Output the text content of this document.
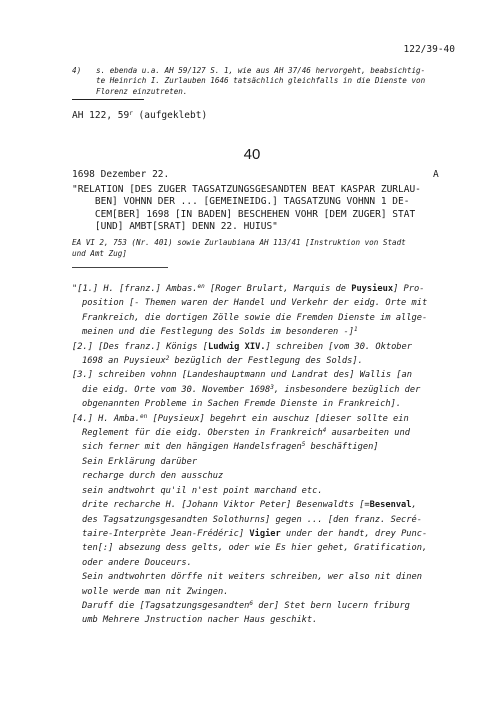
122/39-40
4) s. ebenda u.a. AH 59/127 S. 1, wie aus AH 37/46 hervorgeht, beabsichtig-
te Heinrich I. Zurlauben 1646 tatsächlich gleichfalls in die Dienste von
Florenz einzutreten.
AH 122, 59$^r$ (aufgeklebt)
40
1698 Dezember 22.	A
"RELATION [DES ZUGER TAGSATZUNGSGESANDTEN BEAT KASPAR ZURLAU-
BEN] VOHNN DER ... [GEMEINEIDG.] TAGSATZUNG VOHNN 1 DE-
CEM[BER] 1698 [IN BADEN] BESCHEHEN VOHR [DEM ZUGER] STAT
[UND] AMBT[SRAT] DENN 22. HUIUS"
EA VI 2, 753 (Nr. 401) sowie Zurlaubiana AH 113/41 [Instruktion von Stadt
und Amt Zug]
"[1.] H. [franz.] Ambas.$^{en}$ [Roger Brulart, Marquis de Puysieux] Pro-
position [- Themen waren der Handel und Verkehr der eidg. Orte mit
Frankreich, die dortigen Zölle sowie die Fremden Dienste im allge-
meinen und die Festlegung des Solds im besonderen -]$^1$
[2.] [Des franz.] Königs [Ludwig XIV.] schreiben [vom 30. Oktober
1698 an Puysieux$^2$ bezüglich der Festlegung des Solds].
[3.] schreiben vohnn [Landeshauptmann und Landrat des] Wallis [an
die eidg. Orte vom 30. November 1698$^3$, insbesondere bezüglich der
obgenannten Probleme in Sachen Fremde Dienste in Frankreich].
[4.] H. Amba.$^{en}$ [Puysieux] begehrt ein auschuz [dieser sollte ein
Reglement für die eidg. Obersten in Frankreich$^4$ ausarbeiten und
sich ferner mit den hängigen Handelsfragen$^5$ beschäftigen]
Sein Erklärung darüber
recharge durch den ausschuz
sein andtwohrt qu'il n'est point marchand etc.
drite recharche H. [Johann Viktor Peter] Besenwaldts [=Besenval,
des Tagsatzungsgesandten Solothurns] gegen ... [den franz. Secré-
taire-Interprète Jean-Frédéric] Vigier under der handt, drey Punc-
ten[:] absezung dess gelts, oder wie Es hier gehet, Gratification,
oder andere Douceurs.
Sein andtwohrten dörffe nit weiters schreiben, wer also nit dinen
wolle werde man nit Zwingen.
Daruff die [Tagsatzungsgesandten$^6$ der] Stet bern lucern friburg
umb Mehrere Jnstruction nacher Haus geschikt.
